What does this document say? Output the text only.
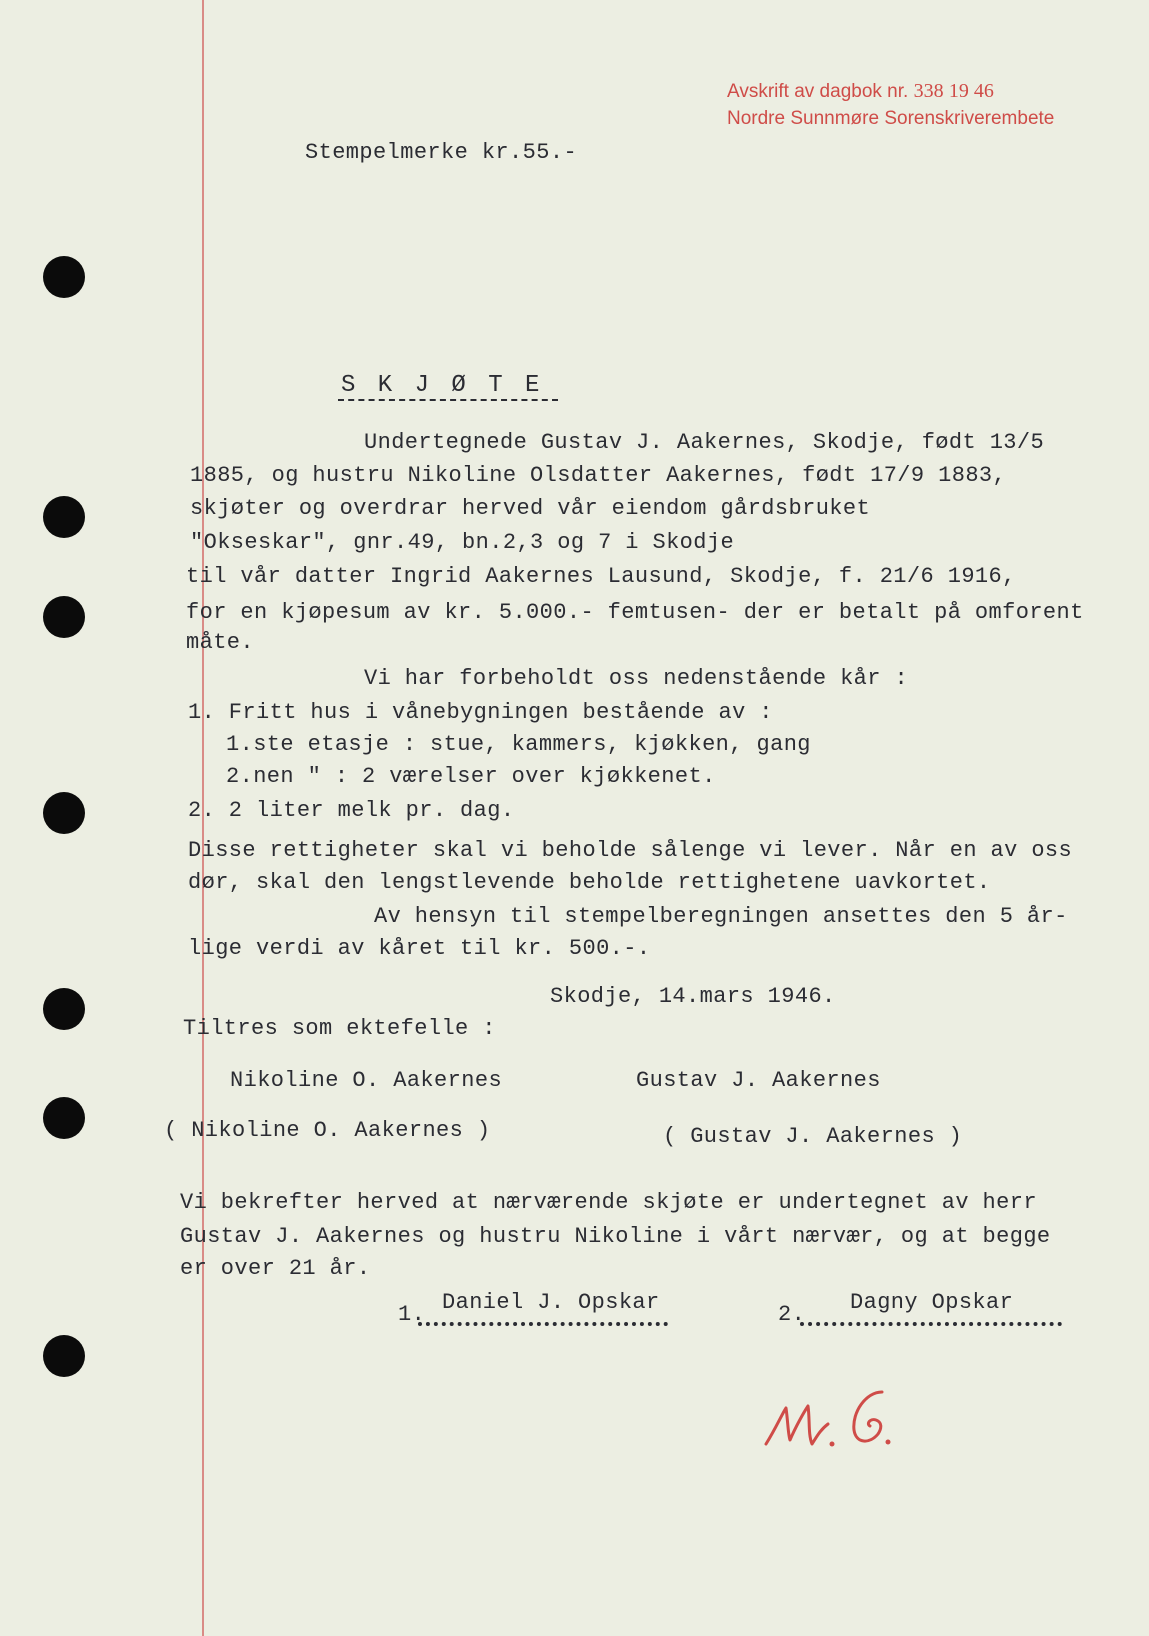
Avskrift av dagbok nr. 338 19 46
Nordre Sunnmøre Sorenskriverembete
Stempelmerke kr.55.-
S K J Ø T E
Undertegnede Gustav J. Aakernes, Skodje, født 13/5
1885, og hustru Nikoline Olsdatter Aakernes, født 17/9 1883,
skjøter og overdrar herved vår eiendom gårdsbruket
"Okseskar", gnr.49, bn.2,3 og 7 i Skodje
til vår datter Ingrid Aakernes Lausund, Skodje, f. 21/6 1916,
for en kjøpesum av kr. 5.000.- femtusen- der er betalt på omforent
måte.
Vi har forbeholdt oss nedenstående kår :
1. Fritt hus i vånebygningen bestående av :
1.ste etasje : stue, kammers, kjøkken, gang
2.nen " : 2 værelser over kjøkkenet.
2. 2 liter melk pr. dag.
Disse rettigheter skal vi beholde sålenge vi lever. Når en av oss
dør, skal den lengstlevende beholde rettighetene uavkortet.
Av hensyn til stempelberegningen ansettes den 5 år-
lige verdi av kåret til kr. 500.-.
Skodje, 14.mars 1946.
Tiltres som ektefelle :
Nikoline O. Aakernes	Gustav J. Aakernes
( Nikoline O. Aakernes )	( Gustav J. Aakernes )
Vi bekrefter herved at nærværende skjøte er undertegnet av herr
Gustav J. Aakernes og hustru Nikoline i vårt nærvær, og at begge
er over 21 år.
1. Daniel J. Opskar	2. Dagny Opskar
